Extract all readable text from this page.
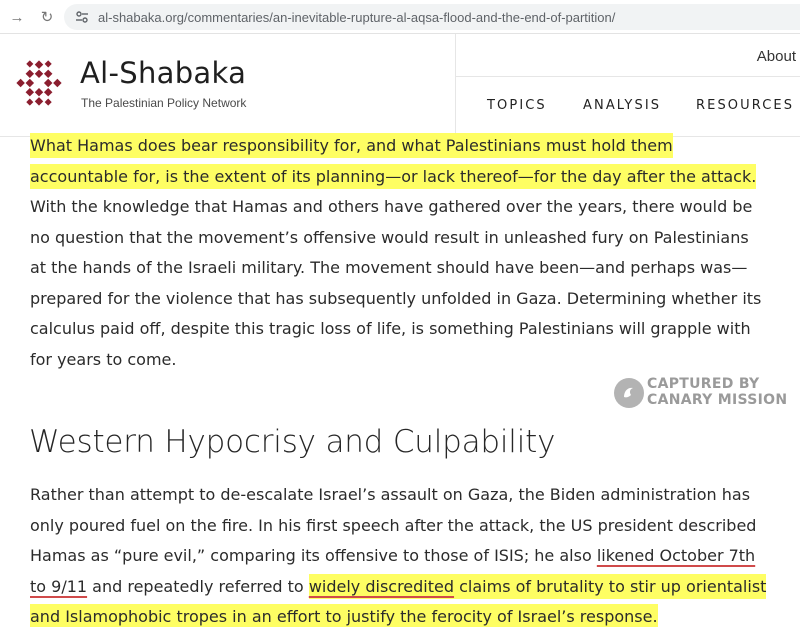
→	↻	al-shabaka.org/commentaries/an-inevitable-rupture-al-aqsa-flood-and-the-end-of-partition/
Al-Shabaka
The Palestinian Policy Network
About
TOPICS	ANALYSIS	RESOURCES
What Hamas does bear responsibility for, and what Palestinians must hold them
accountable for, is the extent of its planning—or lack thereof—for the day after the attack.
With the knowledge that Hamas and others have gathered over the years, there would be
no question that the movement’s offensive would result in unleashed fury on Palestinians
at the hands of the Israeli military. The movement should have been—and perhaps was—
prepared for the violence that has subsequently unfolded in Gaza. Determining whether its
calculus paid off, despite this tragic loss of life, is something Palestinians will grapple with
for years to come.
CAPTURED BY
CANARY MISSION
Western Hypocrisy and Culpability
Rather than attempt to de-escalate Israel’s assault on Gaza, the Biden administration has
only poured fuel on the fire. In his first speech after the attack, the US president described
Hamas as “pure evil,” comparing its offensive to those of ISIS; he also likened October 7th
to 9/11 and repeatedly referred to widely discredited claims of brutality to stir up orientalist
and Islamophobic tropes in an effort to justify the ferocity of Israel’s response.
